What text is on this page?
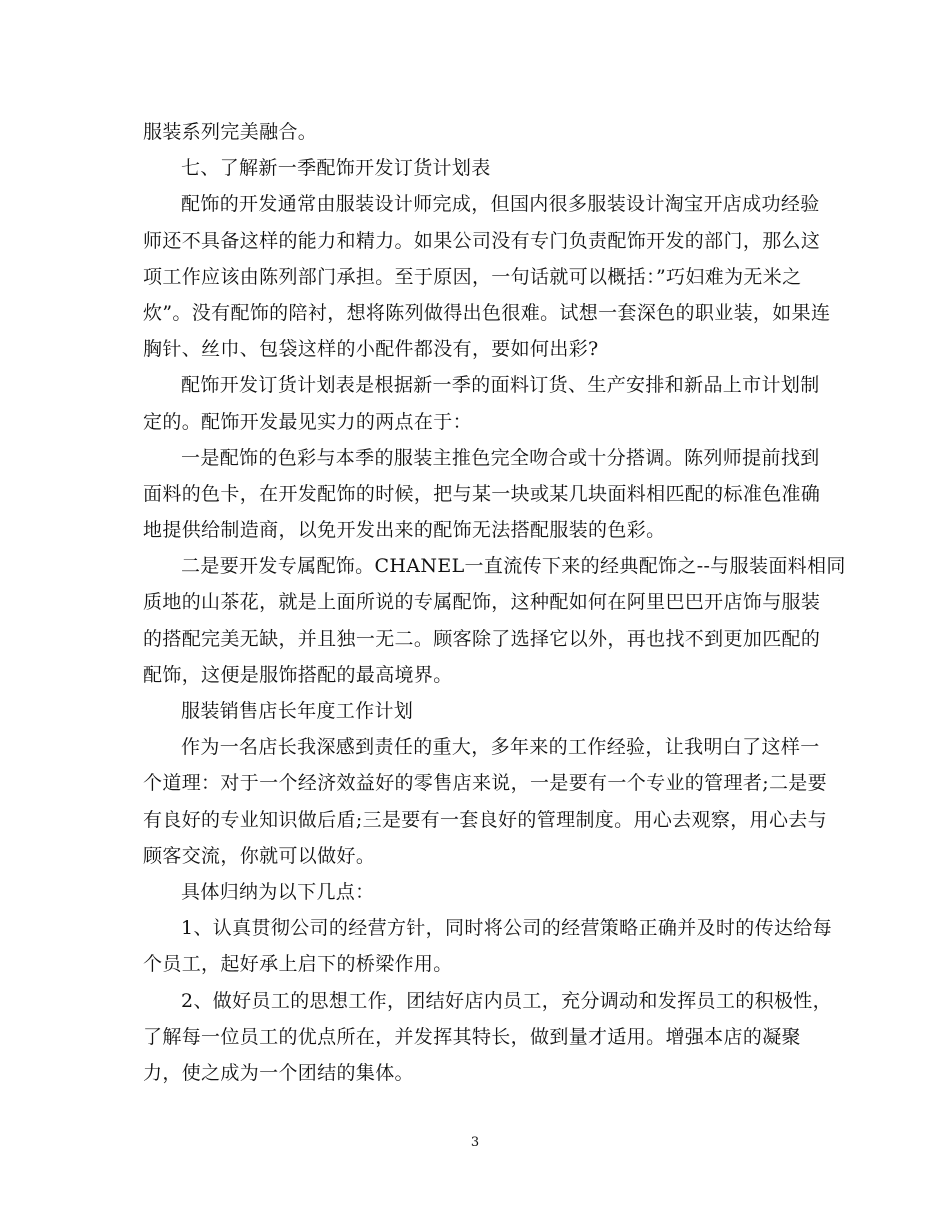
服装系列完美融合。
七、了解新一季配饰开发订货计划表
配饰的开发通常由服装设计师完成，但国内很多服装设计淘宝开店成功经验
师还不具备这样的能力和精力。如果公司没有专门负责配饰开发的部门，那么这
项工作应该由陈列部门承担。至于原因，一句话就可以概括：”巧妇难为无米之
炊”。没有配饰的陪衬，想将陈列做得出色很难。试想一套深色的职业装，如果连
胸针、丝巾、包袋这样的小配件都没有，要如何出彩?
配饰开发订货计划表是根据新一季的面料订货、生产安排和新品上市计划制
定的。配饰开发最见实力的两点在于：
一是配饰的色彩与本季的服装主推色完全吻合或十分搭调。陈列师提前找到
面料的色卡，在开发配饰的时候，把与某一块或某几块面料相匹配的标准色准确
地提供给制造商，以免开发出来的配饰无法搭配服装的色彩。
二是要开发专属配饰。CHANEL一直流传下来的经典配饰之--与服装面料相同
质地的山茶花，就是上面所说的专属配饰，这种配如何在阿里巴巴开店饰与服装
的搭配完美无缺，并且独一无二。顾客除了选择它以外，再也找不到更加匹配的
配饰，这便是服饰搭配的最高境界。
服装销售店长年度工作计划
作为一名店长我深感到责任的重大，多年来的工作经验，让我明白了这样一
个道理：对于一个经济效益好的零售店来说，一是要有一个专业的管理者;二是要
有良好的专业知识做后盾;三是要有一套良好的管理制度。用心去观察，用心去与
顾客交流，你就可以做好。
具体归纳为以下几点：
1、认真贯彻公司的经营方针，同时将公司的经营策略正确并及时的传达给每
个员工，起好承上启下的桥梁作用。
2、做好员工的思想工作，团结好店内员工，充分调动和发挥员工的积极性，
了解每一位员工的优点所在，并发挥其特长，做到量才适用。增强本店的凝聚
力，使之成为一个团结的集体。
3
